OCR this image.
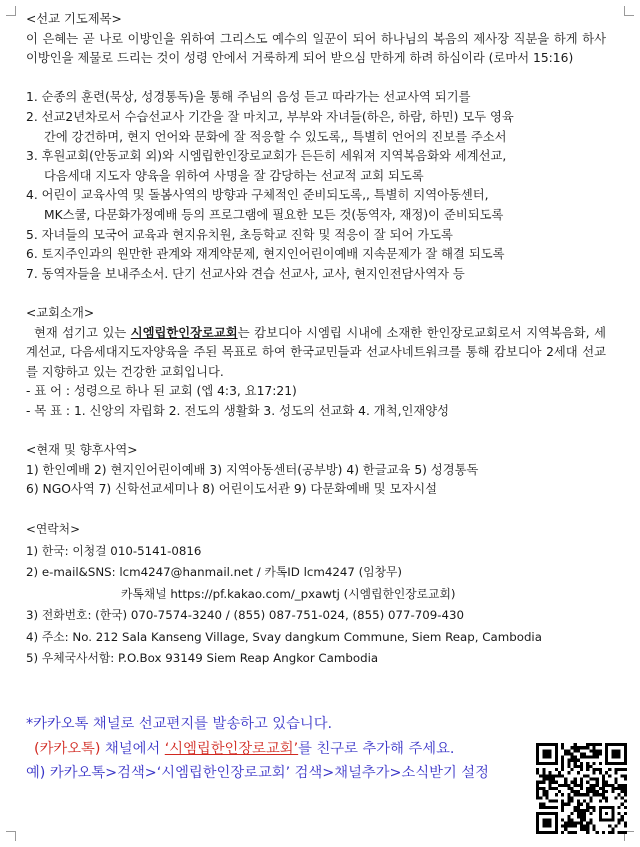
<선교 기도제목>
이 은혜는 곧 나로 이방인을 위하여 그리스도 예수의 일꾼이 되어 하나님의 복음의 제사장 직분을 하게 하사 이방인을 제물로 드리는 것이 성령 안에서 거룩하게 되어 받으심 만하게 하려 하심이라 (로마서 15:16)
1. 순종의 훈련(묵상, 성경통독)을 통해 주님의 음성 듣고 따라가는 선교사역 되기를
2. 선교2년차로서 수습선교사 기간을 잘 마치고, 부부와 자녀들(하은, 하람, 하민) 모두 영육
간에 강건하며, 현지 언어와 문화에 잘 적응할 수 있도록,, 특별히 언어의 진보를 주소서
3. 후원교회(안동교회 외)와 시엠립한인장로교회가 든든히 세워져 지역복음화와 세계선교,
다음세대 지도자 양육을 위하여 사명을 잘 감당하는 선교적 교회 되도록
4. 어린이 교육사역 및 돌봄사역의 방향과 구체적인 준비되도록,, 특별히 지역아동센터,
MK스쿨, 다문화가정예배 등의 프로그램에 필요한 모든 것(동역자, 재정)이 준비되도록
5. 자녀들의 모국어 교육과 현지유치원, 초등학교 진학 및 적응이 잘 되어 가도록
6. 토지주인과의 원만한 관계와 재계약문제, 현지인어린이예배 지속문제가 잘 해결 되도록
7. 동역자들을 보내주소서. 단기 선교사와 견습 선교사, 교사, 현지인전담사역자 등
<교회소개>
현재 섬기고 있는 시엠립한인장로교회는 캄보디아 시엠립 시내에 소재한 한인장로교회로서 지역복음화, 세계선교, 다음세대지도자양육을 주된 목표로 하여 한국교민들과 선교사네트워크를 통해 캄보디아 2세대 선교를 지향하고 있는 건강한 교회입니다.
- 표 어 : 성령으로 하나 된 교회 (엡 4:3, 요17:21)
- 목 표 : 1. 신앙의 자립화 2. 전도의 생활화 3. 성도의 선교화 4. 개척,인재양성
<현재 및 향후사역>
1) 한인예배 2) 현지인어린이예배 3) 지역아동센터(공부방) 4) 한글교육 5) 성경통독
6) NGO사역 7) 신학선교세미나 8) 어린이도서관 9) 다문화예배 및 모자시설
<연락처>
1) 한국: 이청걸 010-5141-0816
2) e-mail&SNS: lcm4247@hanmail.net / 카톡ID lcm4247 (임창무)
카톡채널 https://pf.kakao.com/_pxawtj (시엠립한인장로교회)
3) 전화번호: (한국) 070-7574-3240 / (855) 087-751-024, (855) 077-709-430
4) 주소: No. 212 Sala Kanseng Village, Svay dangkum Commune, Siem Reap, Cambodia
5) 우체국사서함: P.O.Box 93149 Siem Reap Angkor Cambodia
*카카오톡 채널로 선교편지를 발송하고 있습니다.
(카카오톡) 채널에서 ‘시엠립한인장로교회’를 친구로 추가해 주세요.
예) 카카오톡>검색>‘시엠립한인장로교회’ 검색>채널추가>소식받기 설정
